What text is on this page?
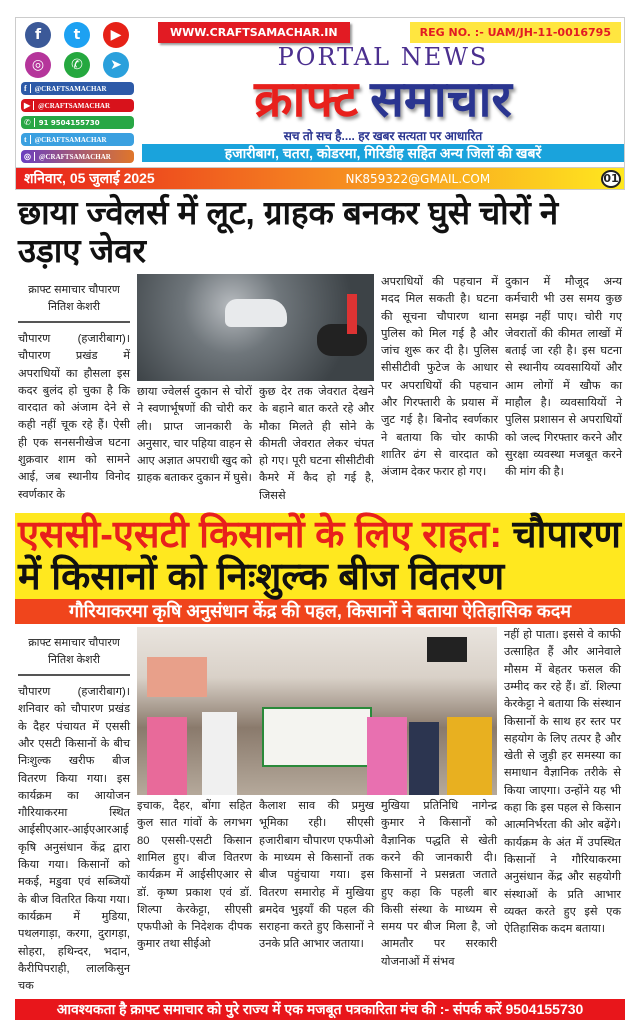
f	t	▶
◎	✆	➤
f	@CRAFTSAMACHAR
▶	@CRAFTSAMACHAR
✆	91 9504155730
t	@CRAFTSAMACHAR
◎	@CRAFTSAMACHAR
WWW.CRAFTSAMACHAR.IN	REG NO. :- UAM/JH-11-0016795
PORTAL NEWS
क्राफ्ट समाचार
सच तो सच है.... हर खबर सत्यता पर आधारित
हजारीबाग, चतरा, कोडरमा, गिरिडीह सहित अन्य जिलों की खबरें
शनिवार, 05 जुलाई 2025	NK859322@GMAIL.COM	01
छाया ज्वेलर्स में लूट, ग्राहक बनकर घुसे चोरों ने उड़ाए जेवर
क्राफ्ट समाचार चौपारण
नितिश केशरी
चौपारण (हजारीबाग)। चौपारण प्रखंड में अपराधियों का हौसला इस कदर बुलंद हो चुका है कि वारदात को अंजाम देने से कही नहीं चूक रहे हैं। ऐसी ही एक सनसनीखेज घटना शुक्रवार शाम को सामने आई, जब स्थानीय विनोद स्वर्णकार के
छाया ज्वेलर्स दुकान से चोरों ने स्वणार्भूषणों की चोरी कर ली। प्राप्त जानकारी के अनुसार, चार पहिया वाहन से आए अज्ञात अपराधी खुद को ग्राहक बताकर दुकान में घुसे।
कुछ देर तक जेवरात देखने के बहाने बात करते रहे और मौका मिलते ही सोने के कीमती जेवरात लेकर चंपत हो गए। पूरी घटना सीसीटीवी कैमरे में कैद हो गई है, जिससे
अपराधियों की पहचान में मदद मिल सकती है। घटना की सूचना चौपारण थाना पुलिस को मिल गई है और जांच शुरू कर दी है। पुलिस सीसीटीवी फुटेज के आधार पर अपराधियों की पहचान और गिरफ्तारी के प्रयास में जुट गई है। बिनोद स्वर्णकार ने बताया कि चोर काफी शातिर ढंग से वारदात को अंजाम देकर फरार हो गए।
दुकान में मौजूद अन्य कर्मचारी भी उस समय कुछ समझ नहीं पाए। चोरी गए जेवरातों की कीमत लाखों में बताई जा रही है। इस घटना से स्थानीय व्यवसायियों और आम लोगों में खौफ का माहौल है। व्यवसायियों ने पुलिस प्रशासन से अपराधियों को जल्द गिरफ्तार करने और सुरक्षा व्यवस्था मजबूत करने की मांग की है।
एससी-एसटी किसानों के लिए राहत: चौपारण
में किसानों को निःशुल्क बीज वितरण
गौरियाकरमा कृषि अनुसंधान केंद्र की पहल, किसानों ने बताया ऐतिहासिक कदम
क्राफ्ट समाचार चौपारण
नितिश केशरी
चौपारण (हजारीबाग)। शनिवार को चौपारण प्रखंड के दैहर पंचायत में एससी और एसटी किसानों के बीच निःशुल्क खरीफ बीज वितरण किया गया। इस कार्यक्रम का आयोजन गौरियाकरमा स्थित आईसीएआर-आईएआरआई कृषि अनुसंधान केंद्र द्वारा किया गया। किसानों को मकई, मडुवा एवं सब्जियों के बीज वितरित किया गया। कार्यक्रम में मुडिया, पथलगाड़ा, करगा, दुरागड़ा, सोहरा, हथिन्दर, भदान, कैरीपिपराही, लालकिसुन चक
इचाक, दैहर, बोंगा सहित कुल सात गांवों के लगभग 80 एससी-एसटी किसान शामिल हुए। बीज वितरण कार्यक्रम में आईसीएआर से डॉ. कृष्ण प्रकाश एवं डॉ. शिल्पा केरकेट्टा, सीएसी एफपीओ के निदेशक दीपक कुमार तथा सीईओ
कैलाश साव की प्रमुख भूमिका रही। सीएसी हजारीबाग चौपारण एफपीओ के माध्यम से किसानों तक बीज पहुंचाया गया। इस वितरण समारोह में मुखिया ब्रमदेव भुइयाँ की पहल की सराहना करते हुए किसानों ने उनके प्रति आभार जताया।
मुखिया प्रतिनिधि नागेन्द्र कुमार ने किसानों को वैज्ञानिक पद्धति से खेती करने की जानकारी दी। किसानों ने प्रसन्नता जताते हुए कहा कि पहली बार किसी संस्था के माध्यम से समय पर बीज मिला है, जो आमतौर पर सरकारी योजनाओं में संभव
नहीं हो पाता। इससे वे काफी उत्साहित हैं और आनेवाले मौसम में बेहतर फसल की उम्मीद कर रहे हैं। डॉ. शिल्पा केरकेट्टा ने बताया कि संस्थान किसानों के साथ हर स्तर पर सहयोग के लिए तत्पर है और खेती से जुड़ी हर समस्या का समाधान वैज्ञानिक तरीके से किया जाएगा। उन्होंने यह भी कहा कि इस पहल से किसान आत्मनिर्भरता की ओर बढ़ेंगे। कार्यक्रम के अंत में उपस्थित किसानों ने गौरियाकरमा अनुसंधान केंद्र और सहयोगी संस्थाओं के प्रति आभार व्यक्त करते हुए इसे एक ऐतिहासिक कदम बताया।
आवश्यकता है क्राफ्ट समाचार को पुरे राज्य में एक मजबूत पत्रकारिता मंच की :- संपर्क करें 9504155730
